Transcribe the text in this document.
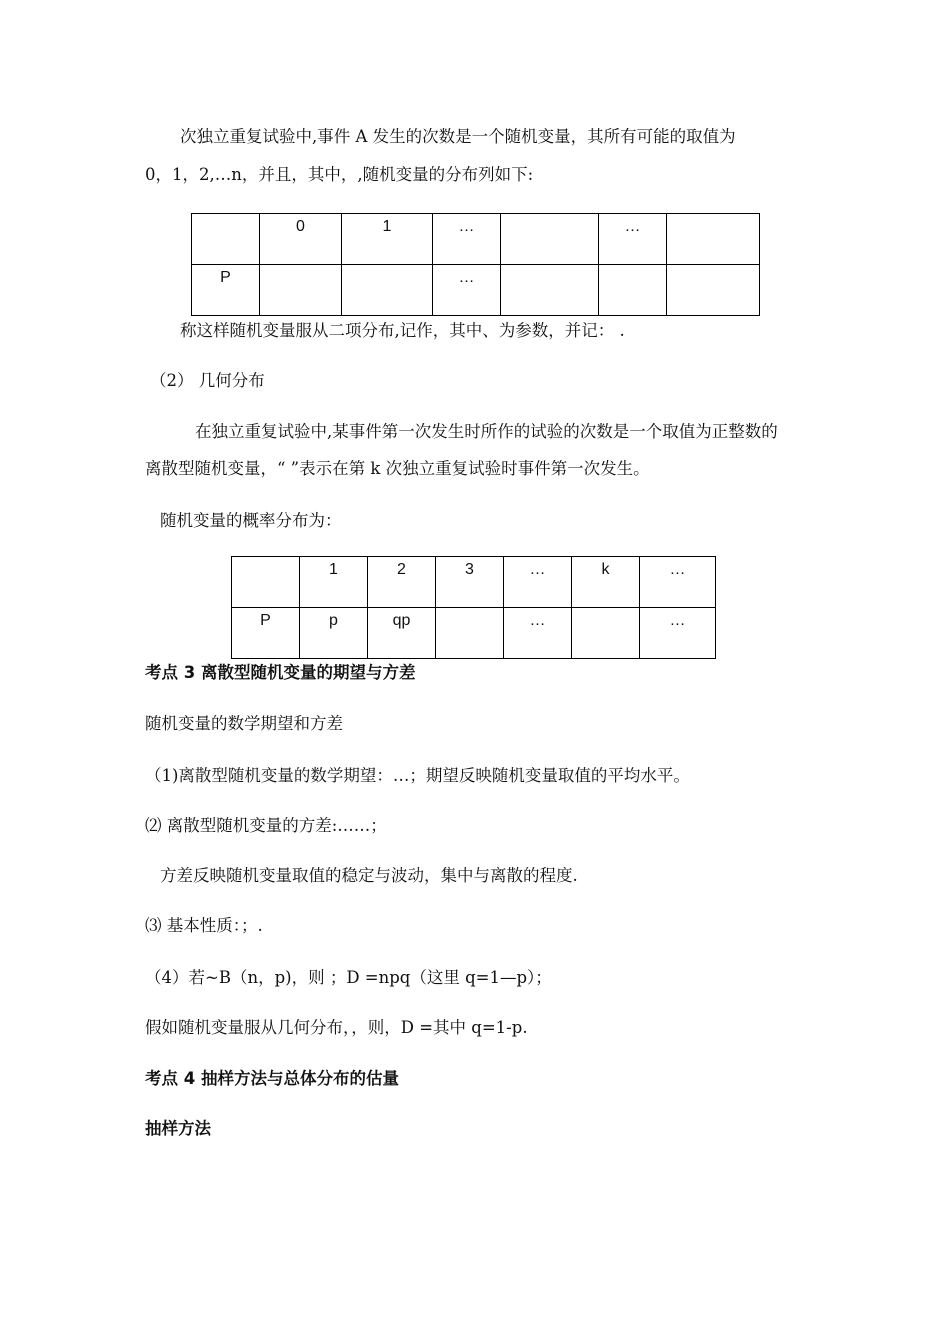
次独立重复试验中,事件 A 发生的次数是一个随机变量，其所有可能的取值为
0，1，2,…n，并且，其中，,随机变量的分布列如下:
	0	1	…		…	
P			…			
称这样随机变量服从二项分布,记作，其中、为参数，并记： .
（2） 几何分布
在独立重复试验中,某事件第一次发生时所作的试验的次数是一个取值为正整数的
离散型随机变量，“ ”表示在第 k 次独立重复试验时事件第一次发生。
随机变量的概率分布为：
	1	2	3	…	k	…
P	p	qp		…		…
考点 3 离散型随机变量的期望与方差
随机变量的数学期望和方差
（1)离散型随机变量的数学期望：…；期望反映随机变量取值的平均水平。
⑵ 离散型随机变量的方差:……；
方差反映随机变量取值的稳定与波动，集中与离散的程度.
⑶ 基本性质：；.
（4）若~B（n，p)，则 ；D =npq（这里 q=1—p）；
假如随机变量服从几何分布，，则，D =其中 q=1-p.
考点 4 抽样方法与总体分布的估量
抽样方法
